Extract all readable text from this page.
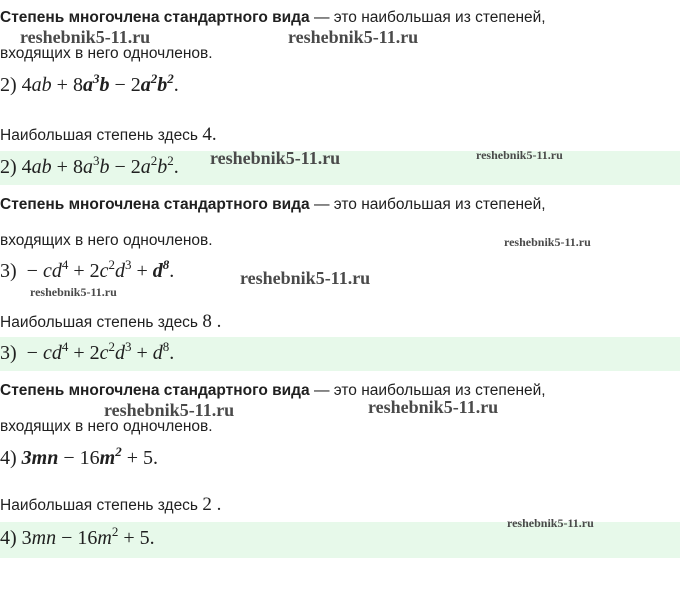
Степень многочлена стандартного вида — это наибольшая из степеней,
входящих в него одночленов.
2) $4ab + 8a^3b - 2a^2b^2$.
Наибольшая степень здесь 4.
2) $4ab + 8a^3b - 2a^2b^2$.
Степень многочлена стандартного вида — это наибольшая из степеней,
входящих в него одночленов.
$3) - cd^4 + 2c^2d^3 + d^8$.
Наибольшая степень здесь 8 .
$3) - cd^4 + 2c^2d^3 + d^8$.
Степень многочлена стандартного вида — это наибольшая из степеней,
входящих в него одночленов.
4) $3mn - 16m^2 + 5$.
Наибольшая степень здесь 2 .
4) $3mn - 16m^2 + 5$.
reshebnik5-11.ru	reshebnik5-11.ru
reshebnik5-11.ru	reshebnik5-11.ru
reshebnik5-11.ru
reshebnik5-11.ru
reshebnik5-11.ru
reshebnik5-11.ru	reshebnik5-11.ru
reshebnik5-11.ru
